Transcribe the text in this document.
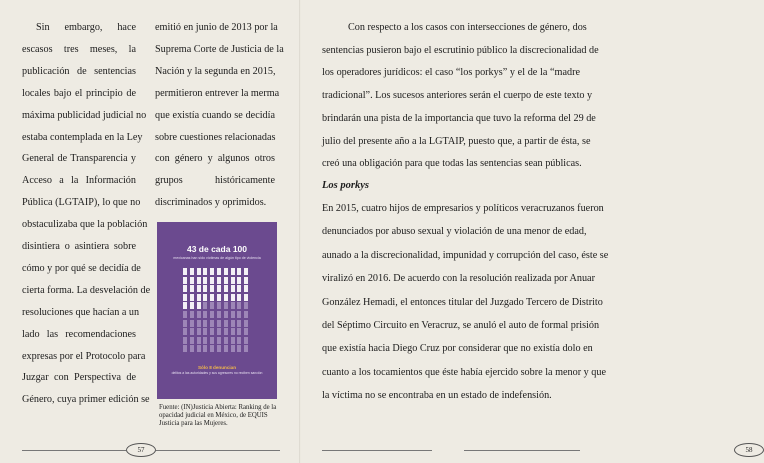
Sin embargo, hace
escasos tres meses, la
publicación de sentencias
locales bajo el principio de
máxima publicidad judicial no
estaba contemplada en la Ley
General de Transparencia y
Acceso a la Información
Pública (LGTAIP), lo que no
obstaculizaba que la población
disintiera o asintiera sobre
cómo y por qué se decidía de
cierta forma. La desvelación de
resoluciones que hacían a un
lado las recomendaciones
expresas por el Protocolo para
Juzgar con Perspectiva de
Género, cuya primer edición se
emitió en junio de 2013 por la
Suprema Corte de Justicia de la
Nación y la segunda en 2015,
permitieron entrever la merma
que existía cuando se decidía
sobre cuestiones relacionadas
con género y algunos otros
grupos históricamente
discriminados y oprimidos.
43 de cada 100
mexicanas han sido víctimas de algún tipo de violencia
Sólo 8 denuncian
delitos a las autoridades y sus agresores no reciben sanción
Fuente: (IN)Justicia Abierta: Ranking de la opacidad judicial en México, de EQUIS Justicia para las Mujeres.
57
Con respecto a los casos con intersecciones de género, dos
sentencias pusieron bajo el escrutinio público la discrecionalidad de
los operadores jurídicos: el caso “los porkys” y el de la “madre
tradicional”. Los sucesos anteriores serán el cuerpo de este texto y
brindarán una pista de la importancia que tuvo la reforma del 29 de
julio del presente año a la LGTAIP, puesto que, a partir de ésta, se
creó una obligación para que todas las sentencias sean públicas.
Los porkys
En 2015, cuatro hijos de empresarios y políticos veracruzanos fueron
denunciados por abuso sexual y violación de una menor de edad,
aunado a la discrecionalidad, impunidad y corrupción del caso, éste se
viralizó en 2016. De acuerdo con la resolución realizada por Anuar
González Hemadi, el entonces titular del Juzgado Tercero de Distrito
del Séptimo Circuito en Veracruz, se anuló el auto de formal prisión
que existía hacia Diego Cruz por considerar que no existía dolo en
cuanto a los tocamientos que éste había ejercido sobre la menor y que
la víctima no se encontraba en un estado de indefensión.
58
